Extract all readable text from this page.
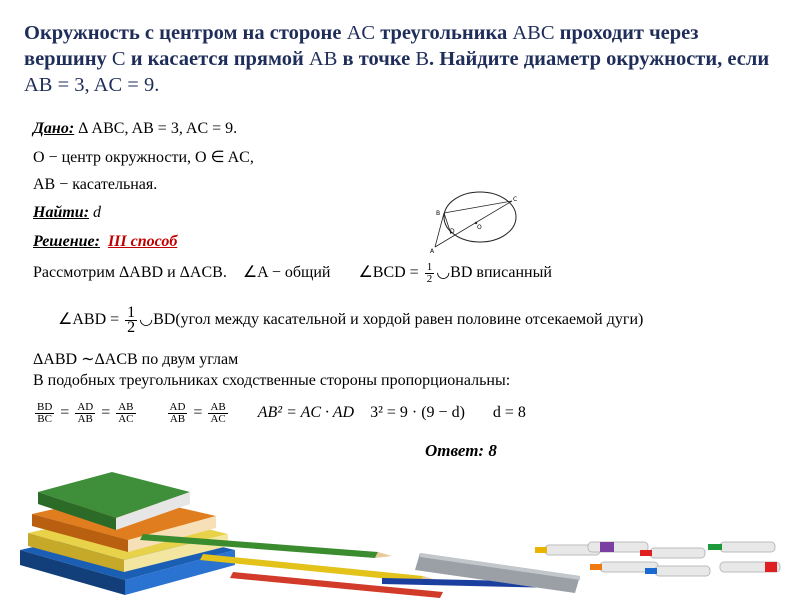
Окружность с центром на стороне AC треугольника ABC проходит через вершину C и касается прямой AB в точке B. Найдите диаметр окружности, если AB = 3, AC = 9.
Дано: Δ ABC, AB = 3, AC = 9.
O − центр окружности, O ∈ AC,
AB − касательная.
Найти: d
Решение: III способ
Рассмотрим ΔABD и ΔACB. ∠A − общий ∠BCD = $\frac{1}{2}$ ◡BD вписанный
∠ABD = $\frac{1}{2}$ ◡BD(угол между касательной и хордой равен половине отсекаемой дуги)
ΔABD ∼ΔACB по двум углам
В подобных треугольниках сходственные стороны пропорциональны:
$\frac{BD}{BC} = \frac{AD}{AB} = \frac{AB}{AC}$
	$\frac{AD}{AB} = \frac{AB}{AC} AB^2$ = AC · AD 3² = 9 · (9 − d) d = 8
Ответ: 8
B
C
A
D
O
